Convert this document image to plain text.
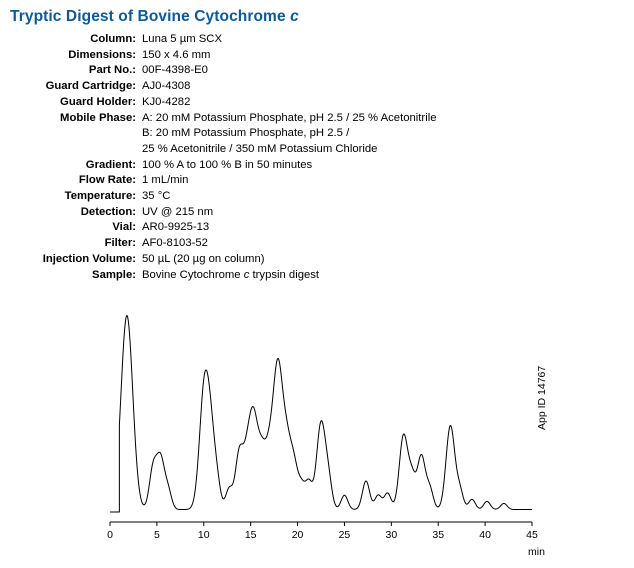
Tryptic Digest of Bovine Cytochrome c
Column:	Luna 5 µm SCX
Dimensions:	150 x 4.6 mm
Part No.:	00F-4398-E0
Guard Cartridge:	AJ0-4308
Guard Holder:	KJ0-4282
Mobile Phase:	A: 20 mM Potassium Phosphate, pH 2.5 / 25 % Acetonitrile
	B: 20 mM Potassium Phosphate, pH 2.5 /
	25 % Acetonitrile / 350 mM Potassium Chloride
Gradient:	100 % A to 100 % B in 50 minutes
Flow Rate:	1 mL/min
Temperature:	35 °C
Detection:	UV @ 215 nm
Vial:	AR0-9925-13
Filter:	AF0-8103-52
Injection Volume:	50 µL (20 µg on column)
Sample:	Bovine Cytochrome c trypsin digest
0	5	10	15	20	25	30	35	40	45
min
App ID 14767
